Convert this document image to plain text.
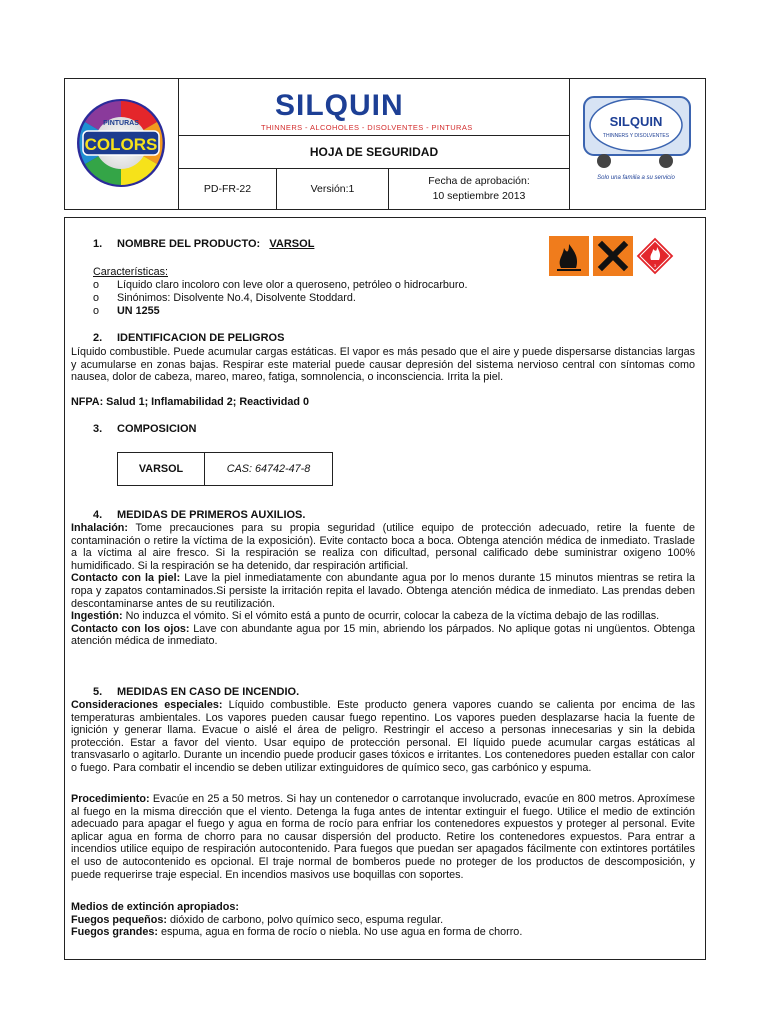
PINTURAS
COLORS
SILQUIN
THINNERS - ALCOHOLES - DISOLVENTES - PINTURAS
HOJA DE SEGURIDAD
PD-FR-22	Versión:1
Fecha de aprobación:
10 septiembre 2013
SILQUIN
THINNERS Y DISOLVENTES
Solo una familia a su servicio
3
1. NOMBRE DEL PRODUCTO: VARSOL
Características:
o Líquido claro incoloro con leve olor a queroseno, petróleo o hidrocarburo.
o Sinónimos: Disolvente No.4, Disolvente Stoddard.
o UN 1255
2. IDENTIFICACION DE PELIGROS
Líquido combustible. Puede acumular cargas estáticas. El vapor es más pesado que el aire y puede dispersarse distancias largas y acumularse en zonas bajas. Respirar este material puede causar depresión del sistema nervioso central con síntomas como nausea, dolor de cabeza, mareo, mareo, fatiga, somnolencia, o inconsciencia. Irrita la piel.
NFPA: Salud 1; Inflamabilidad 2; Reactividad 0
3. COMPOSICION
VARSOL	CAS: 64742-47-8
4. MEDIDAS DE PRIMEROS AUXILIOS.
Inhalación: Tome precauciones para su propia seguridad (utilice equipo de protección adecuado, retire la fuente de contaminación o retire la víctima de la exposición). Evite contacto boca a boca. Obtenga atención médica de inmediato. Traslade a la víctima al aire fresco. Si la respiración se realiza con dificultad, personal calificado debe suministrar oxigeno 100% humidificado. Si la respiración se ha detenido, dar respiración artificial.
Contacto con la piel: Lave la piel inmediatamente con abundante agua por lo menos durante 15 minutos mientras se retira la ropa y zapatos contaminados.Si persiste la irritación repita el lavado. Obtenga atención médica de inmediato. Las prendas deben descontaminarse antes de su reutilización.
Ingestión: No induzca el vómito. Si el vómito está a punto de ocurrir, colocar la cabeza de la víctima debajo de las rodillas.
Contacto con los ojos: Lave con abundante agua por 15 min, abriendo los párpados. No aplique gotas ni ungüentos. Obtenga atención médica de inmediato.
5. MEDIDAS EN CASO DE INCENDIO.
Consideraciones especiales: Líquido combustible. Este producto genera vapores cuando se calienta por encima de las temperaturas ambientales. Los vapores pueden causar fuego repentino. Los vapores pueden desplazarse hacia la fuente de ignición y generar llama. Evacue o aislé el área de peligro. Restringir el acceso a personas innecesarias y sin la debida protección. Estar a favor del viento. Usar equipo de protección personal. El líquido puede acumular cargas estáticas al transvasarlo o agitarlo. Durante un incendio puede producir gases tóxicos e irritantes. Los contenedores pueden estallar con calor o fuego. Para combatir el incendio se deben utilizar extinguidores de químico seco, gas carbónico y espuma.
Procedimiento: Evacúe en 25 a 50 metros. Si hay un contenedor o carrotanque involucrado, evacúe en 800 metros. Aproxímese al fuego en la misma dirección que el viento. Detenga la fuga antes de intentar extinguir el fuego. Utilice el medio de extinción adecuado para apagar el fuego y agua en forma de rocío para enfriar los contenedores expuestos y proteger al personal. Evite aplicar agua en forma de chorro para no causar dispersión del producto. Retire los contenedores expuestos. Para entrar a incendios utilice equipo de respiración autocontenido. Para fuegos que puedan ser apagados fácilmente con extintores portátiles el uso de autocontenido es opcional. El traje normal de bomberos puede no proteger de los productos de descomposición, y puede requerirse traje especial. En incendios masivos use boquillas con soportes.
Medios de extinción apropiados:
Fuegos pequeños: dióxido de carbono, polvo químico seco, espuma regular.
Fuegos grandes: espuma, agua en forma de rocío o niebla. No use agua en forma de chorro.
